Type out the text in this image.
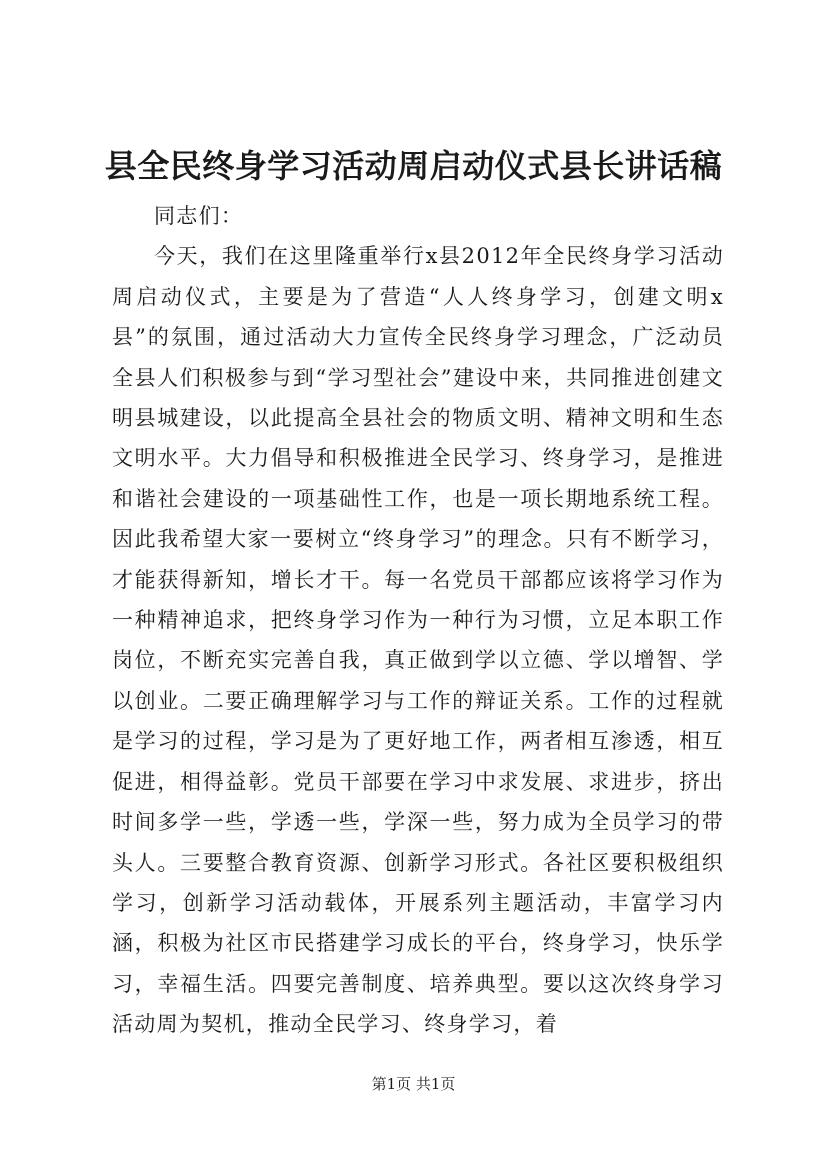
县全民终身学习活动周启动仪式县长讲话稿

同志们：

今天，我们在这里隆重举行x县2012年全民终身学习活动周启动仪式，主要是为了营造“人人终身学习，创建文明x县”的氛围，通过活动大力宣传全民终身学习理念，广泛动员全县人们积极参与到“学习型社会”建设中来，共同推进创建文明县城建设，以此提高全县社会的物质文明、精神文明和生态文明水平。大力倡导和积极推进全民学习、终身学习，是推进和谐社会建设的一项基础性工作，也是一项长期地系统工程。因此我希望大家一要树立“终身学习”的理念。只有不断学习，才能获得新知，增长才干。每一名党员干部都应该将学习作为一种精神追求，把终身学习作为一种行为习惯，立足本职工作岗位，不断充实完善自我，真正做到学以立德、学以增智、学以创业。二要正确理解学习与工作的辩证关系。工作的过程就是学习的过程，学习是为了更好地工作，两者相互渗透，相互促进，相得益彰。党员干部要在学习中求发展、求进步，挤出时间多学一些，学透一些，学深一些，努力成为全员学习的带头人。三要整合教育资源、创新学习形式。各社区要积极组织学习，创新学习活动载体，开展系列主题活动，丰富学习内涵，积极为社区市民搭建学习成长的平台，终身学习，快乐学习，幸福生活。四要完善制度、培养典型。要以这次终身学习活动周为契机，推动全民学习、终身学习，着

第1页 共1页
